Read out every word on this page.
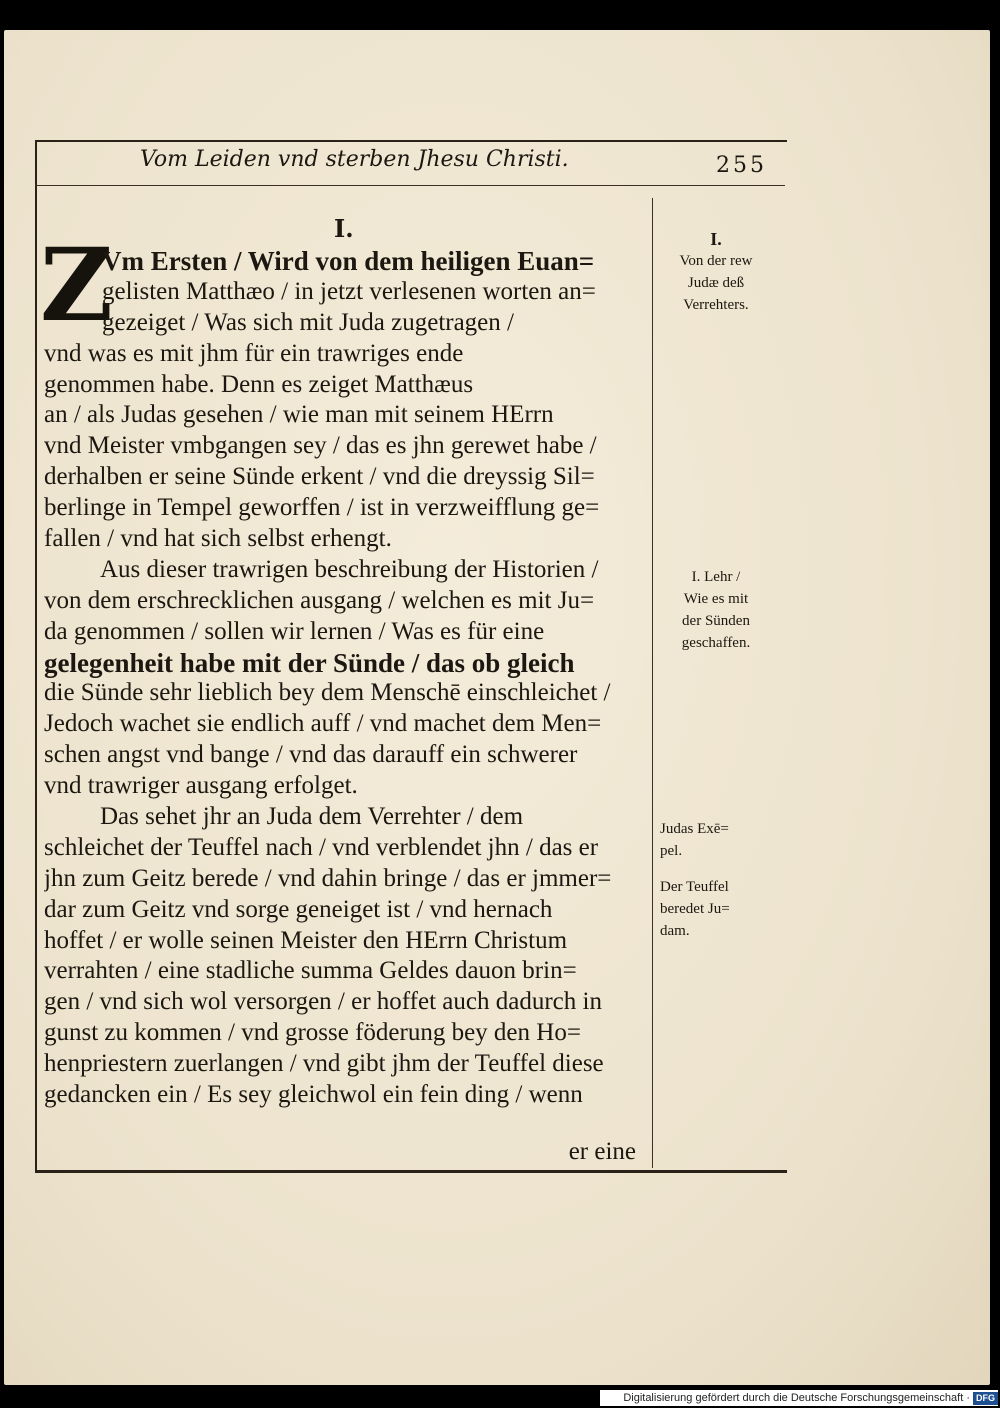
Vom Leiden vnd sterben Jhesu Christi.	255
I.
Z
Vm Ersten / Wird von dem heiligen Euan=
gelisten Matthæo / in jetzt verlesenen worten an=
gezeiget / Was sich mit Juda zugetragen /
vnd was es mit jhm für ein trawriges ende
genommen habe. Denn es zeiget Matthæus
an / als Judas gesehen / wie man mit seinem HErrn
vnd Meister vmbgangen sey / das es jhn gerewet habe /
derhalben er seine Sünde erkent / vnd die dreyssig Sil=
berlinge in Tempel geworffen / ist in verzweifflung ge=
fallen / vnd hat sich selbst erhengt.
Aus dieser trawrigen beschreibung der Historien /
von dem erschrecklichen ausgang / welchen es mit Ju=
da genommen / sollen wir lernen / Was es für eine
gelegenheit habe mit der Sünde / das ob gleich
die Sünde sehr lieblich bey dem Menschē einschleichet /
Jedoch wachet sie endlich auff / vnd machet dem Men=
schen angst vnd bange / vnd das darauff ein schwerer
vnd trawriger ausgang erfolget.
Das sehet jhr an Juda dem Verrehter / dem
schleichet der Teuffel nach / vnd verblendet jhn / das er
jhn zum Geitz berede / vnd dahin bringe / das er jmmer=
dar zum Geitz vnd sorge geneiget ist / vnd hernach
hoffet / er wolle seinen Meister den HErrn Christum
verrahten / eine stadliche summa Geldes dauon brin=
gen / vnd sich wol versorgen / er hoffet auch dadurch in
gunst zu kommen / vnd grosse föderung bey den Ho=
henpriestern zuerlangen / vnd gibt jhm der Teuffel diese
gedancken ein / Es sey gleichwol ein fein ding / wenn
er eine
I.
Von der rew
Judæ deß
Verrehters.
I. Lehr /
Wie es mit
der Sünden
geschaffen.
Judas Exē=
pel.
Der Teuffel
beredet Ju=
dam.
Digitalisierung gefördert durch die Deutsche Forschungsgemeinschaft · DFG
